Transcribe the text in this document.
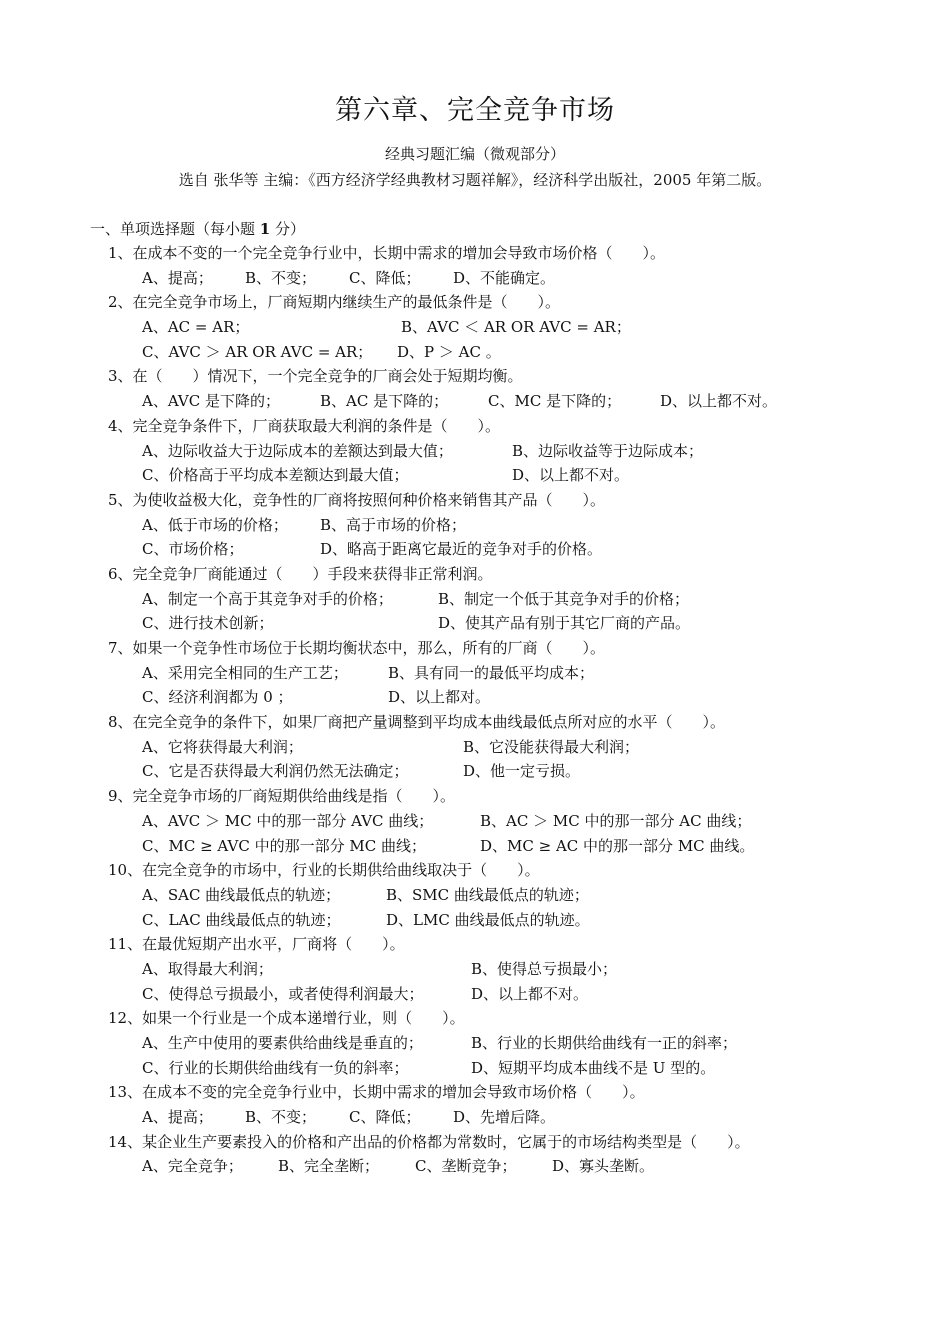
第六章、完全竞争市场
经典习题汇编（微观部分）
选自 张华等 主编：《西方经济学经典教材习题祥解》，经济科学出版社，2005 年第二版。
一、单项选择题（每小题 1 分）
1、在成本不变的一个完全竞争行业中，长期中需求的增加会导致市场价格（　　）。
A、提高； B、不变； C、降低； D、不能确定。
2、在完全竞争市场上，厂商短期内继续生产的最低条件是（　　）。
A、AC = AR；	B、AVC ＜ AR OR AVC = AR；
C、AVC ＞ AR OR AVC = AR； D、P ＞ AC 。
3、在（　　）情况下，一个完全竞争的厂商会处于短期均衡。
A、AVC 是下降的；	B、AC 是下降的；	C、MC 是下降的；	D、以上都不对。
4、完全竞争条件下，厂商获取最大利润的条件是（　　）。
A、边际收益大于边际成本的差额达到最大值；	B、边际收益等于边际成本；
C、价格高于平均成本差额达到最大值；	D、以上都不对。
5、为使收益极大化，竞争性的厂商将按照何种价格来销售其产品（　　）。
A、低于市场的价格； B、高于市场的价格；
C、市场价格；	D、略高于距离它最近的竞争对手的价格。
6、完全竞争厂商能通过（　　）手段来获得非正常利润。
A、制定一个高于其竞争对手的价格；	B、制定一个低于其竞争对手的价格；
C、进行技术创新；	D、使其产品有别于其它厂商的产品。
7、如果一个竞争性市场位于长期均衡状态中，那么，所有的厂商（　　）。
A、采用完全相同的生产工艺；	B、具有同一的最低平均成本；
C、经济利润都为 0 ；	D、以上都对。
8、在完全竞争的条件下，如果厂商把产量调整到平均成本曲线最低点所对应的水平（　　）。
A、它将获得最大利润；	B、它没能获得最大利润；
C、它是否获得最大利润仍然无法确定；	D、他一定亏损。
9、完全竞争市场的厂商短期供给曲线是指（　　）。
A、AVC ＞ MC 中的那一部分 AVC 曲线；	B、AC ＞ MC 中的那一部分 AC 曲线；
C、MC ≥ AVC 中的那一部分 MC 曲线；	D、MC ≥ AC 中的那一部分 MC 曲线。
10、在完全竞争的市场中，行业的长期供给曲线取决于（　　）。
A、SAC 曲线最低点的轨迹；	B、SMC 曲线最低点的轨迹；
C、LAC 曲线最低点的轨迹；	D、LMC 曲线最低点的轨迹。
11、在最优短期产出水平，厂商将（　　）。
A、取得最大利润；	B、使得总亏损最小；
C、使得总亏损最小，或者使得利润最大；	D、以上都不对。
12、如果一个行业是一个成本递增行业，则（　　）。
A、生产中使用的要素供给曲线是垂直的；	B、行业的长期供给曲线有一正的斜率；
C、行业的长期供给曲线有一负的斜率；	D、短期平均成本曲线不是 U 型的。
13、在成本不变的完全竞争行业中，长期中需求的增加会导致市场价格（　　）。
A、提高； B、不变； C、降低； D、先增后降。
14、某企业生产要素投入的价格和产出品的价格都为常数时，它属于的市场结构类型是（　　）。
A、完全竞争； B、完全垄断； C、垄断竞争； D、寡头垄断。
